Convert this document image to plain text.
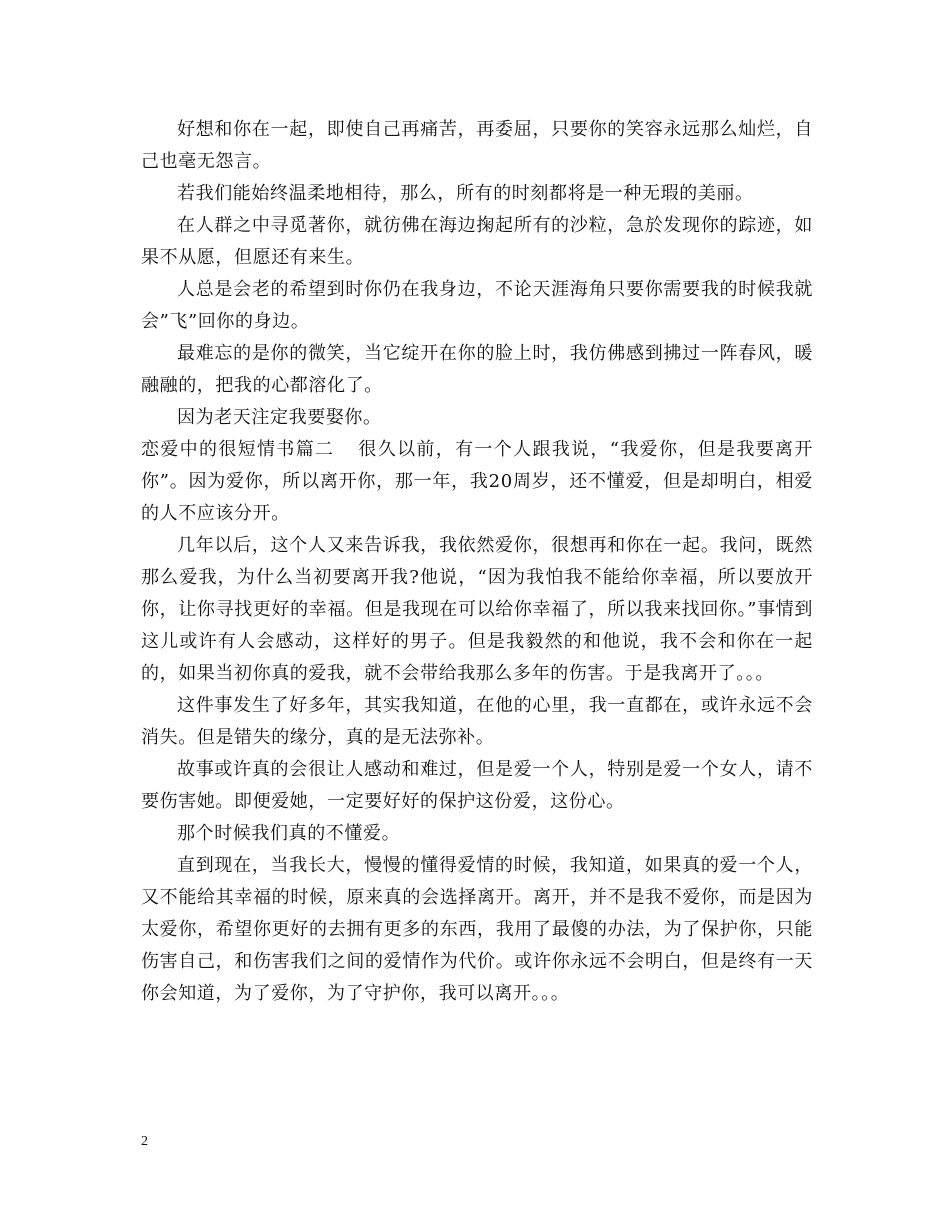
好想和你在一起，即使自己再痛苦，再委屈，只要你的笑容永远那么灿烂，自己也毫无怨言。

若我们能始终温柔地相待，那么，所有的时刻都将是一种无瑕的美丽。

在人群之中寻觅著你，就彷佛在海边掬起所有的沙粒，急於发现你的踪迹，如果不从愿，但愿还有来生。

人总是会老的希望到时你仍在我身边，不论天涯海角只要你需要我的时候我就会”飞”回你的身边。

最难忘的是你的微笑，当它绽开在你的脸上时，我仿佛感到拂过一阵春风，暖融融的，把我的心都溶化了。

因为老天注定我要娶你。

恋爱中的很短情书篇二 很久以前，有一个人跟我说，“我爱你，但是我要离开你”。因为爱你，所以离开你，那一年，我20周岁，还不懂爱，但是却明白，相爱的人不应该分开。

几年以后，这个人又来告诉我，我依然爱你，很想再和你在一起。我问，既然那么爱我，为什么当初要离开我?他说，“因为我怕我不能给你幸福，所以要放开你，让你寻找更好的幸福。但是我现在可以给你幸福了，所以我来找回你。”事情到这儿或许有人会感动，这样好的男子。但是我毅然的和他说，我不会和你在一起的，如果当初你真的爱我，就不会带给我那么多年的伤害。于是我离开了。。。

这件事发生了好多年，其实我知道，在他的心里，我一直都在，或许永远不会消失。但是错失的缘分，真的是无法弥补。

故事或许真的会很让人感动和难过，但是爱一个人，特别是爱一个女人，请不要伤害她。即便爱她，一定要好好的保护这份爱，这份心。

那个时候我们真的不懂爱。

直到现在，当我长大，慢慢的懂得爱情的时候，我知道，如果真的爱一个人，又不能给其幸福的时候，原来真的会选择离开。离开，并不是我不爱你，而是因为太爱你，希望你更好的去拥有更多的东西，我用了最傻的办法，为了保护你，只能伤害自己，和伤害我们之间的爱情作为代价。或许你永远不会明白，但是终有一天你会知道，为了爱你，为了守护你，我可以离开。。。

2
